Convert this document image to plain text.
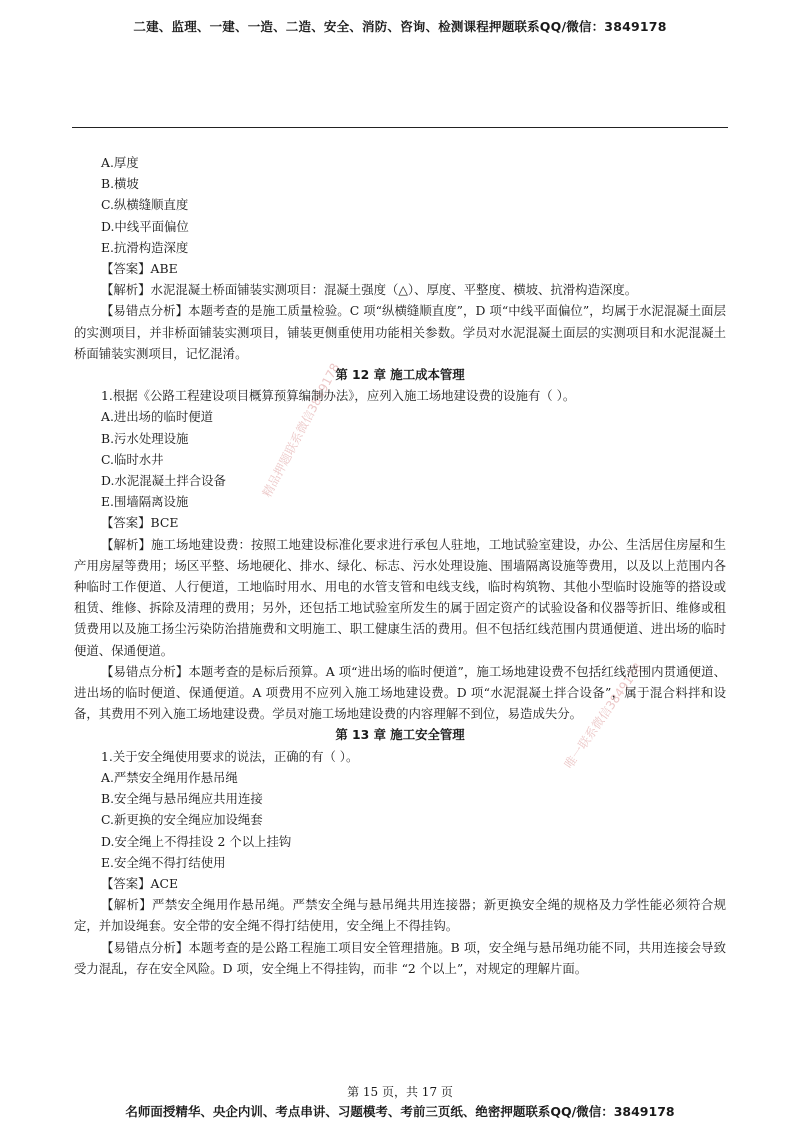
二建、监理、一建、一造、二造、安全、消防、咨询、检测课程押题联系QQ/微信：3849178
精品押题联系微信3849178
唯一联系微信3849178
A.厚度
B.横坡
C.纵横缝顺直度
D.中线平面偏位
E.抗滑构造深度
【答案】ABE
【解析】水泥混凝土桥面铺装实测项目：混凝土强度（△）、厚度、平整度、横坡、抗滑构造深度。
【易错点分析】本题考查的是施工质量检验。C 项“纵横缝顺直度”，D 项“中线平面偏位”，均属于水泥混凝土面层的实测项目，并非桥面铺装实测项目，铺装更侧重使用功能相关参数。学员对水泥混凝土面层的实测项目和水泥混凝土桥面铺装实测项目，记忆混淆。
第 12 章 施工成本管理
1.根据《公路工程建设项目概算预算编制办法》，应列入施工场地建设费的设施有（ ）。
A.进出场的临时便道
B.污水处理设施
C.临时水井
D.水泥混凝土拌合设备
E.围墙隔离设施
【答案】BCE
【解析】施工场地建设费：按照工地建设标准化要求进行承包人驻地，工地试验室建设，办公、生活居住房屋和生产用房屋等费用；场区平整、场地硬化、排水、绿化、标志、污水处理设施、围墙隔离设施等费用，以及以上范围内各种临时工作便道、人行便道，工地临时用水、用电的水管支管和电线支线，临时构筑物、其他小型临时设施等的搭设或租赁、维修、拆除及清理的费用；另外，还包括工地试验室所发生的属于固定资产的试验设备和仪器等折旧、维修或租赁费用以及施工扬尘污染防治措施费和文明施工、职工健康生活的费用。但不包括红线范围内贯通便道、进出场的临时便道、保通便道。
【易错点分析】本题考查的是标后预算。A 项“进出场的临时便道”，施工场地建设费不包括红线范围内贯通便道、进出场的临时便道、保通便道。A 项费用不应列入施工场地建设费。D 项“水泥混凝土拌合设备”，属于混合料拌和设备，其费用不列入施工场地建设费。学员对施工场地建设费的内容理解不到位，易造成失分。
第 13 章 施工安全管理
1.关于安全绳使用要求的说法，正确的有（ ）。
A.严禁安全绳用作悬吊绳
B.安全绳与悬吊绳应共用连接
C.新更换的安全绳应加设绳套
D.安全绳上不得挂设 2 个以上挂钩
E.安全绳不得打结使用
【答案】ACE
【解析】严禁安全绳用作悬吊绳。严禁安全绳与悬吊绳共用连接器；新更换安全绳的规格及力学性能必须符合规定，并加设绳套。安全带的安全绳不得打结使用，安全绳上不得挂钩。
【易错点分析】本题考查的是公路工程施工项目安全管理措施。B 项，安全绳与悬吊绳功能不同，共用连接会导致受力混乱，存在安全风险。D 项，安全绳上不得挂钩，而非 “2 个以上”，对规定的理解片面。
第 15 页，共 17 页
名师面授精华、央企内训、考点串讲、习题模考、考前三页纸、绝密押题联系QQ/微信：3849178
